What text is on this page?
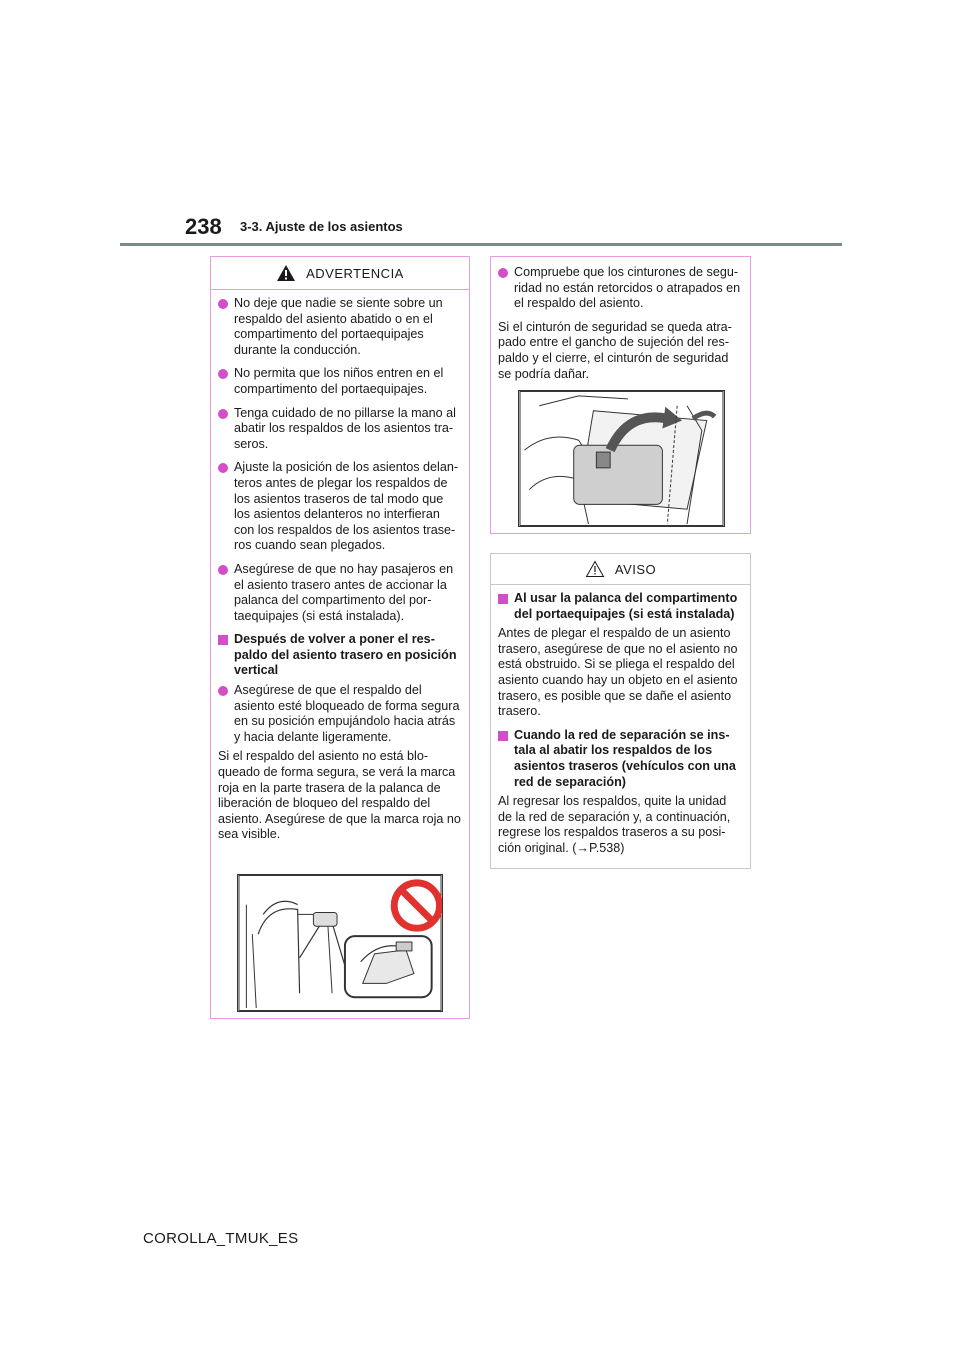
238 3-3. Ajuste de los asientos
ADVERTENCIA
No deje que nadie se siente sobre un respaldo del asiento abatido o en el compartimento del portaequipajes durante la conducción.
No permita que los niños entren en el compartimento del portaequipajes.
Tenga cuidado de no pillarse la mano al abatir los respaldos de los asientos tra-seros.
Ajuste la posición de los asientos delan-teros antes de plegar los respaldos de los asientos traseros de tal modo que los asientos delanteros no interfieran con los respaldos de los asientos trase-ros cuando sean plegados.
Asegúrese de que no hay pasajeros en el asiento trasero antes de accionar la palanca del compartimento del por-taequipajes (si está instalada).
Después de volver a poner el res-paldo del asiento trasero en posición vertical
Asegúrese de que el respaldo del asiento esté bloqueado de forma segura en su posición empujándolo hacia atrás y hacia delante ligeramente.
Si el respaldo del asiento no está blo-queado de forma segura, se verá la marca roja en la parte trasera de la palanca de liberación de bloqueo del respaldo del asiento. Asegúrese de que la marca roja no sea visible.
Compruebe que los cinturones de segu-ridad no están retorcidos o atrapados en el respaldo del asiento.
Si el cinturón de seguridad se queda atra-pado entre el gancho de sujeción del res-paldo y el cierre, el cinturón de seguridad se podría dañar.
AVISO
Al usar la palanca del compartimento del portaequipajes (si está instalada)
Antes de plegar el respaldo de un asiento trasero, asegúrese de que no el asiento no está obstruido. Si se pliega el respaldo del asiento cuando hay un objeto en el asiento trasero, es posible que se dañe el asiento trasero.
Cuando la red de separación se ins-tala al abatir los respaldos de los asientos traseros (vehículos con una red de separación)
Al regresar los respaldos, quite la unidad de la red de separación y, a continuación, regrese los respaldos traseros a su posi-ción original. (→P.538)
COROLLA_TMUK_ES
